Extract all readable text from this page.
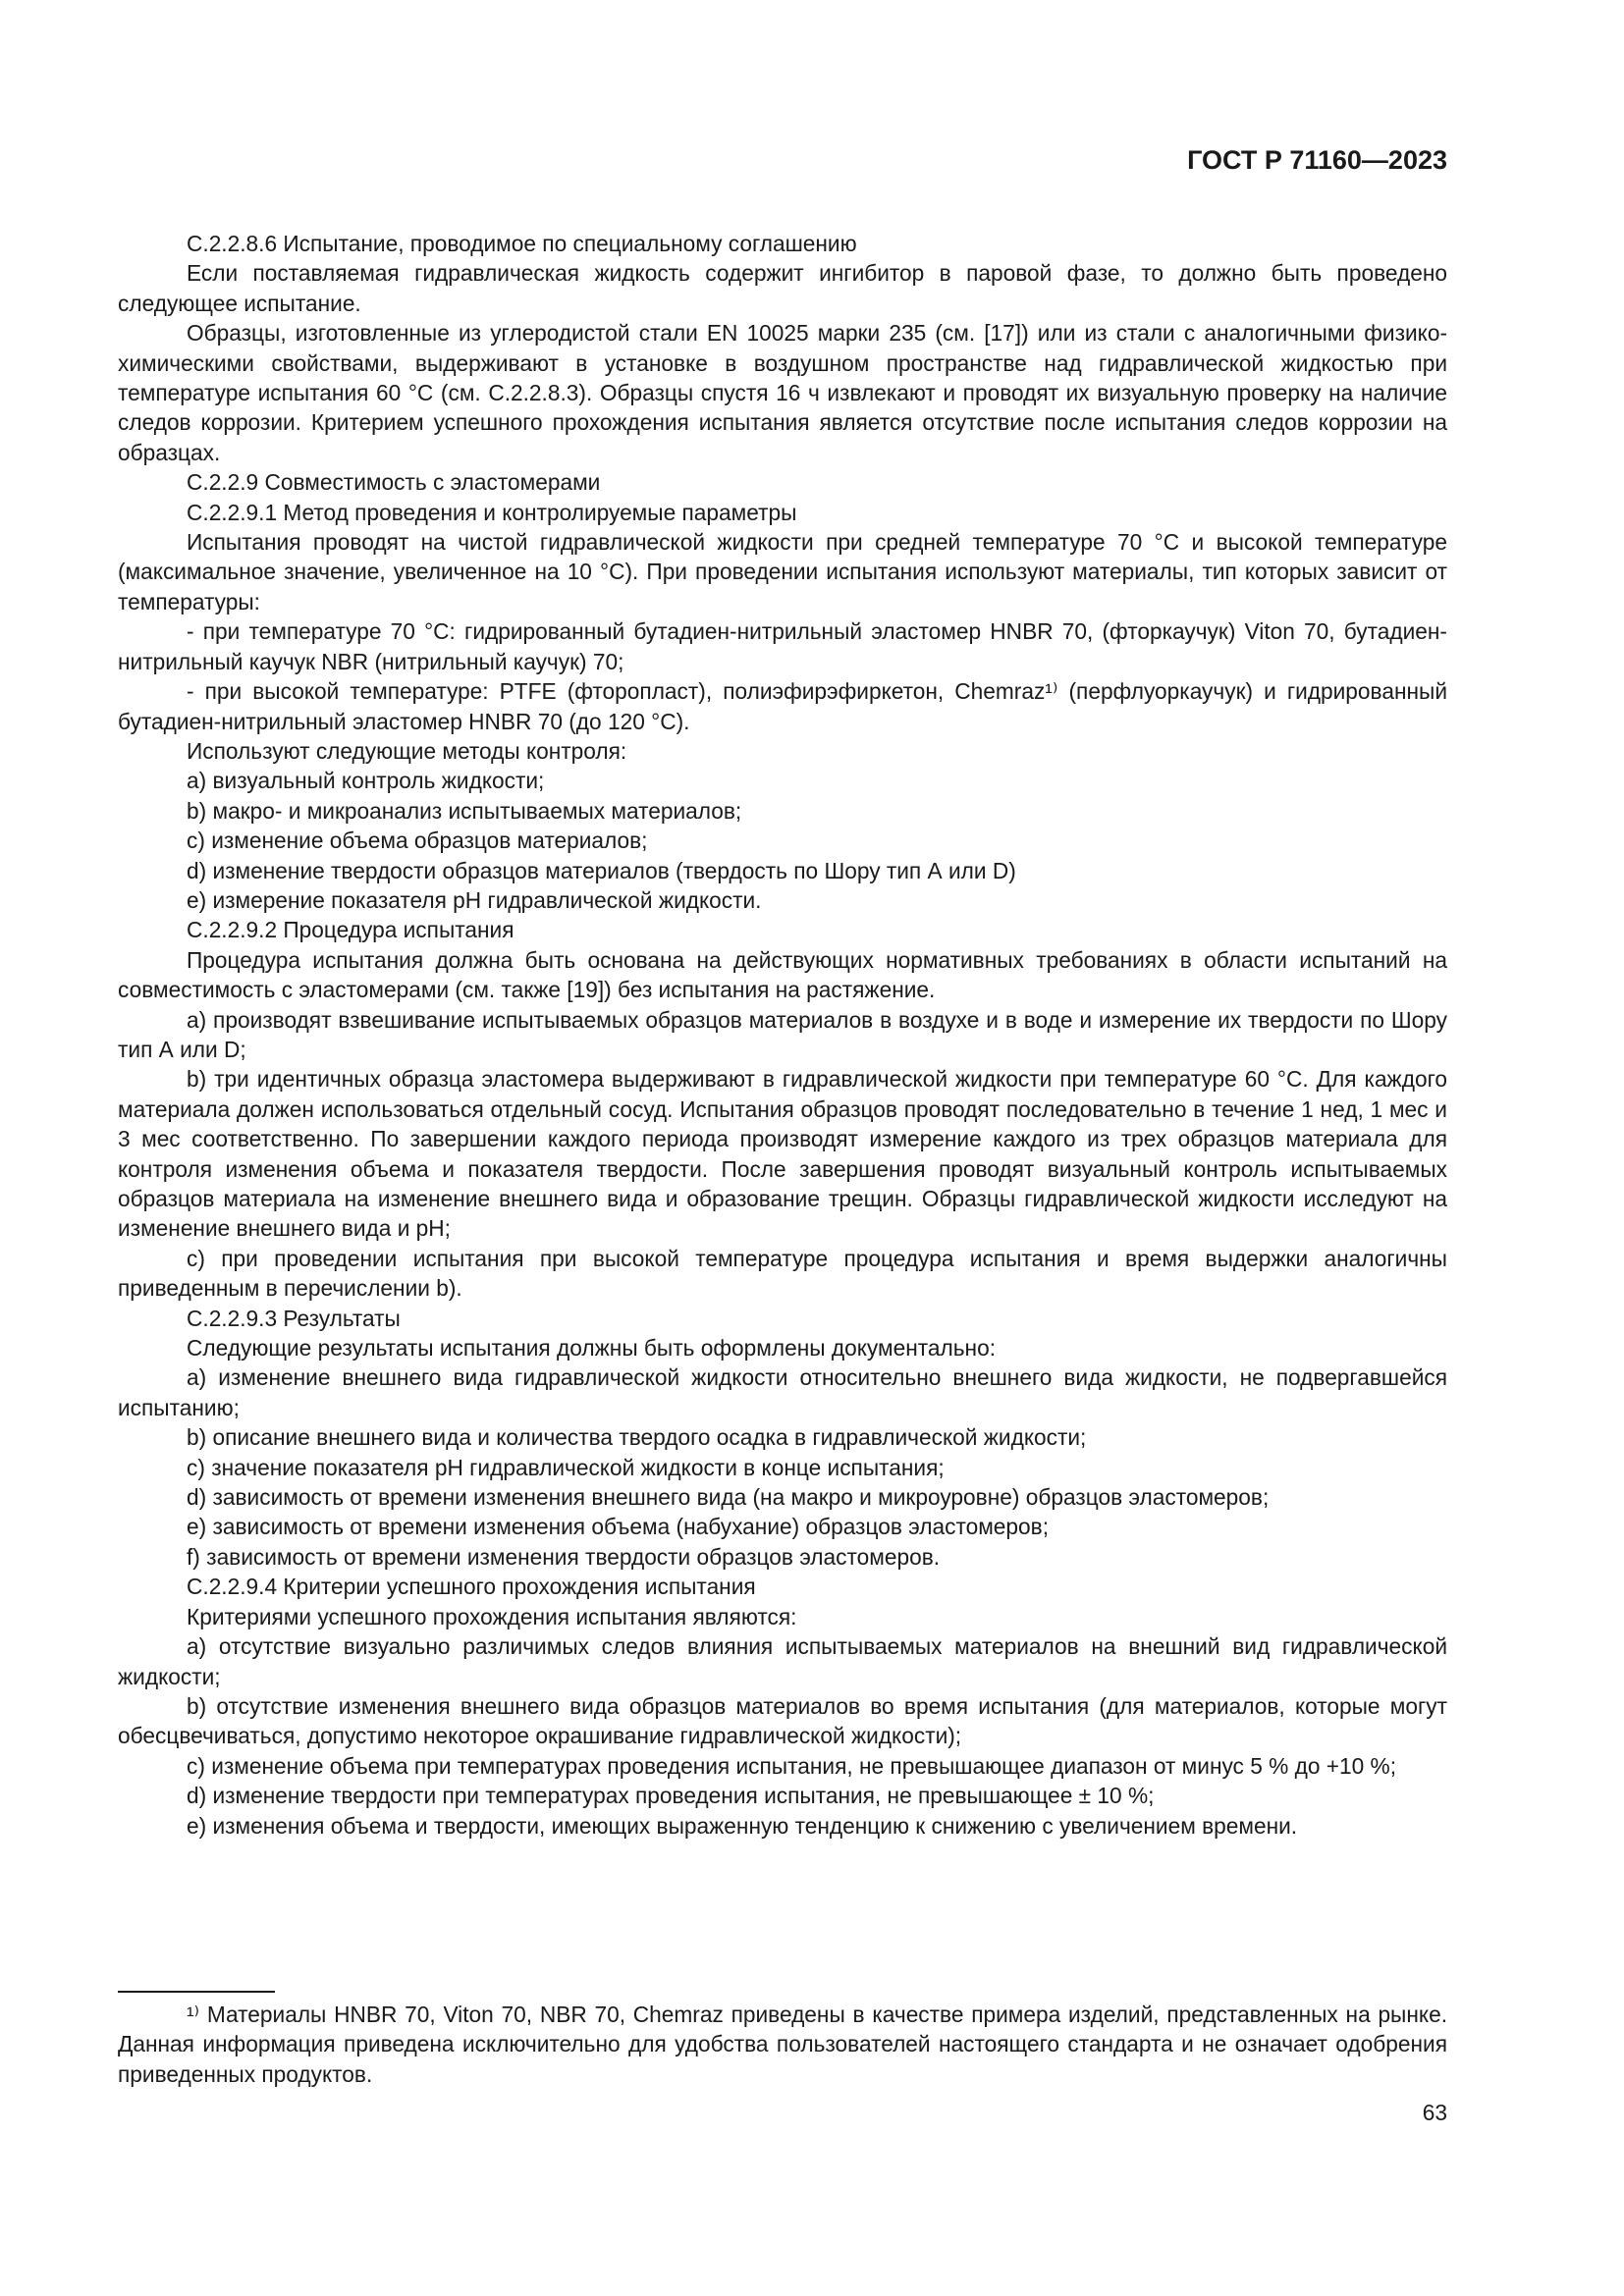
ГОСТ Р 71160—2023

С.2.2.8.6 Испытание, проводимое по специальному соглашению

Если поставляемая гидравлическая жидкость содержит ингибитор в паровой фазе, то должно быть проведено следующее испытание.

Образцы, изготовленные из углеродистой стали EN 10025 марки 235 (см. [17]) или из стали с аналогичными физико-химическими свойствами, выдерживают в установке в воздушном пространстве над гидравлической жидкостью при температуре испытания 60 °С (см. С.2.2.8.3). Образцы спустя 16 ч извлекают и проводят их визуальную проверку на наличие следов коррозии. Критерием успешного прохождения испытания является отсутствие после испытания следов коррозии на образцах.

С.2.2.9 Совместимость с эластомерами

С.2.2.9.1 Метод проведения и контролируемые параметры

Испытания проводят на чистой гидравлической жидкости при средней температуре 70 °С и высокой температуре (максимальное значение, увеличенное на 10 °С). При проведении испытания используют материалы, тип которых зависит от температуры:

- при температуре 70 °С: гидрированный бутадиен-нитрильный эластомер HNBR 70, (фторкаучук) Viton 70, бутадиен-нитрильный каучук NBR (нитрильный каучук) 70;

- при высокой температуре: PTFE (фторопласт), полиэфирэфиркетон, Chemraz¹⁾ (перфлуоркаучук) и гидрированный бутадиен-нитрильный эластомер HNBR 70 (до 120 °С).

Используют следующие методы контроля:

a) визуальный контроль жидкости;

b) макро- и микроанализ испытываемых материалов;

c) изменение объема образцов материалов;

d) изменение твердости образцов материалов (твердость по Шору тип А или D)

e) измерение показателя pH гидравлической жидкости.

С.2.2.9.2 Процедура испытания

Процедура испытания должна быть основана на действующих нормативных требованиях в области испытаний на совместимость с эластомерами (см. также [19]) без испытания на растяжение.

a) производят взвешивание испытываемых образцов материалов в воздухе и в воде и измерение их твердости по Шору тип А или D;

b) три идентичных образца эластомера выдерживают в гидравлической жидкости при температуре 60 °С. Для каждого материала должен использоваться отдельный сосуд. Испытания образцов проводят последовательно в течение 1 нед, 1 мес и 3 мес соответственно. По завершении каждого периода производят измерение каждого из трех образцов материала для контроля изменения объема и показателя твердости. После завершения проводят визуальный контроль испытываемых образцов материала на изменение внешнего вида и образование трещин. Образцы гидравлической жидкости исследуют на изменение внешнего вида и pH;

c) при проведении испытания при высокой температуре процедура испытания и время выдержки аналогичны приведенным в перечислении b).

С.2.2.9.3 Результаты

Следующие результаты испытания должны быть оформлены документально:

a) изменение внешнего вида гидравлической жидкости относительно внешнего вида жидкости, не подвергавшейся испытанию;

b) описание внешнего вида и количества твердого осадка в гидравлической жидкости;

c) значение показателя pH гидравлической жидкости в конце испытания;

d) зависимость от времени изменения внешнего вида (на макро и микроуровне) образцов эластомеров;

e) зависимость от времени изменения объема (набухание) образцов эластомеров;

f) зависимость от времени изменения твердости образцов эластомеров.

С.2.2.9.4 Критерии успешного прохождения испытания

Критериями успешного прохождения испытания являются:

a) отсутствие визуально различимых следов влияния испытываемых материалов на внешний вид гидравлической жидкости;

b) отсутствие изменения внешнего вида образцов материалов во время испытания (для материалов, которые могут обесцвечиваться, допустимо некоторое окрашивание гидравлической жидкости);

c) изменение объема при температурах проведения испытания, не превышающее диапазон от минус 5 % до +10 %;

d) изменение твердости при температурах проведения испытания, не превышающее ± 10 %;

e) изменения объема и твердости, имеющих выраженную тенденцию к снижению с увеличением времени.

¹⁾ Материалы HNBR 70, Viton 70, NBR 70, Chemraz приведены в качестве примера изделий, представленных на рынке. Данная информация приведена исключительно для удобства пользователей настоящего стандарта и не означает одобрения приведенных продуктов.

63
